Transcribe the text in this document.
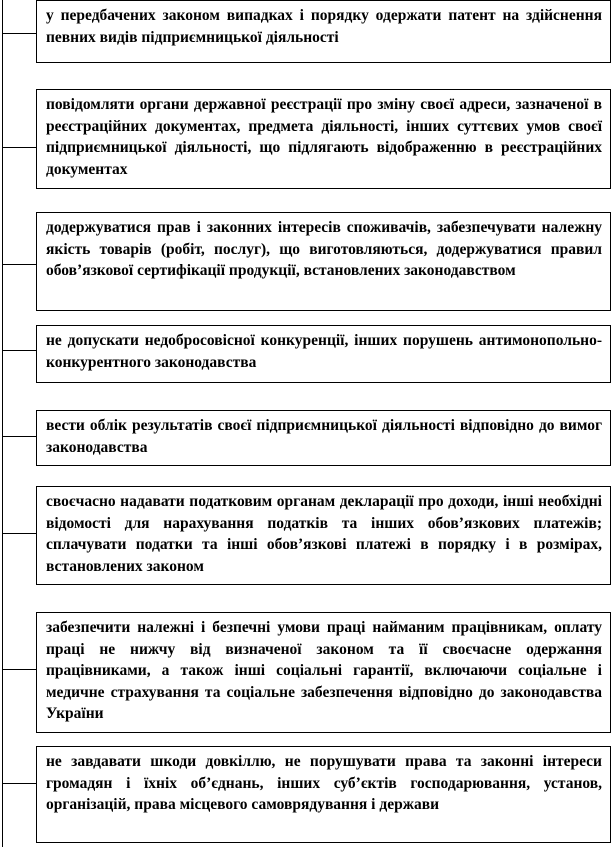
у передбачених законом випадках і порядку одержати патент на здійснення певних видів підприємницької діяльності
повідомляти органи державної реєстрації про зміну своєї адреси, зазначеної в реєстраційних документах, предмета діяльності, інших суттєвих умов своєї підприємницької діяльності, що підлягають відображенню в реєстраційних документах
додержуватися прав і законних інтересів споживачів, забезпечувати належну якість товарів (робіт, послуг), що виготовляються, додержуватися правил обов’язкової сертифікації продукції, встановлених законодавством
не допускати недобросовісної конкуренції, інших порушень антимонопольно-конкурентного законодавства
вести облік результатів своєї підприємницької діяльності відповідно до вимог законодавства
своєчасно надавати податковим органам декларації про доходи, інші необхідні відомості для нарахування податків та інших обов’язкових платежів; сплачувати податки та інші обов’язкові платежі в порядку і в розмірах, встановлених законом
забезпечити належні і безпечні умови праці найманим працівникам, оплату праці не нижчу від визначеної законом та її своєчасне одержання працівниками, а також інші соціальні гарантії, включаючи соціальне і медичне страхування та соціальне забезпечення відповідно до законодавства України
не завдавати шкоди довкіллю, не порушувати права та законні інтереси громадян і їхніх об’єднань, інших суб’єктів господарювання, установ, організацій, права місцевого самоврядування і держави
